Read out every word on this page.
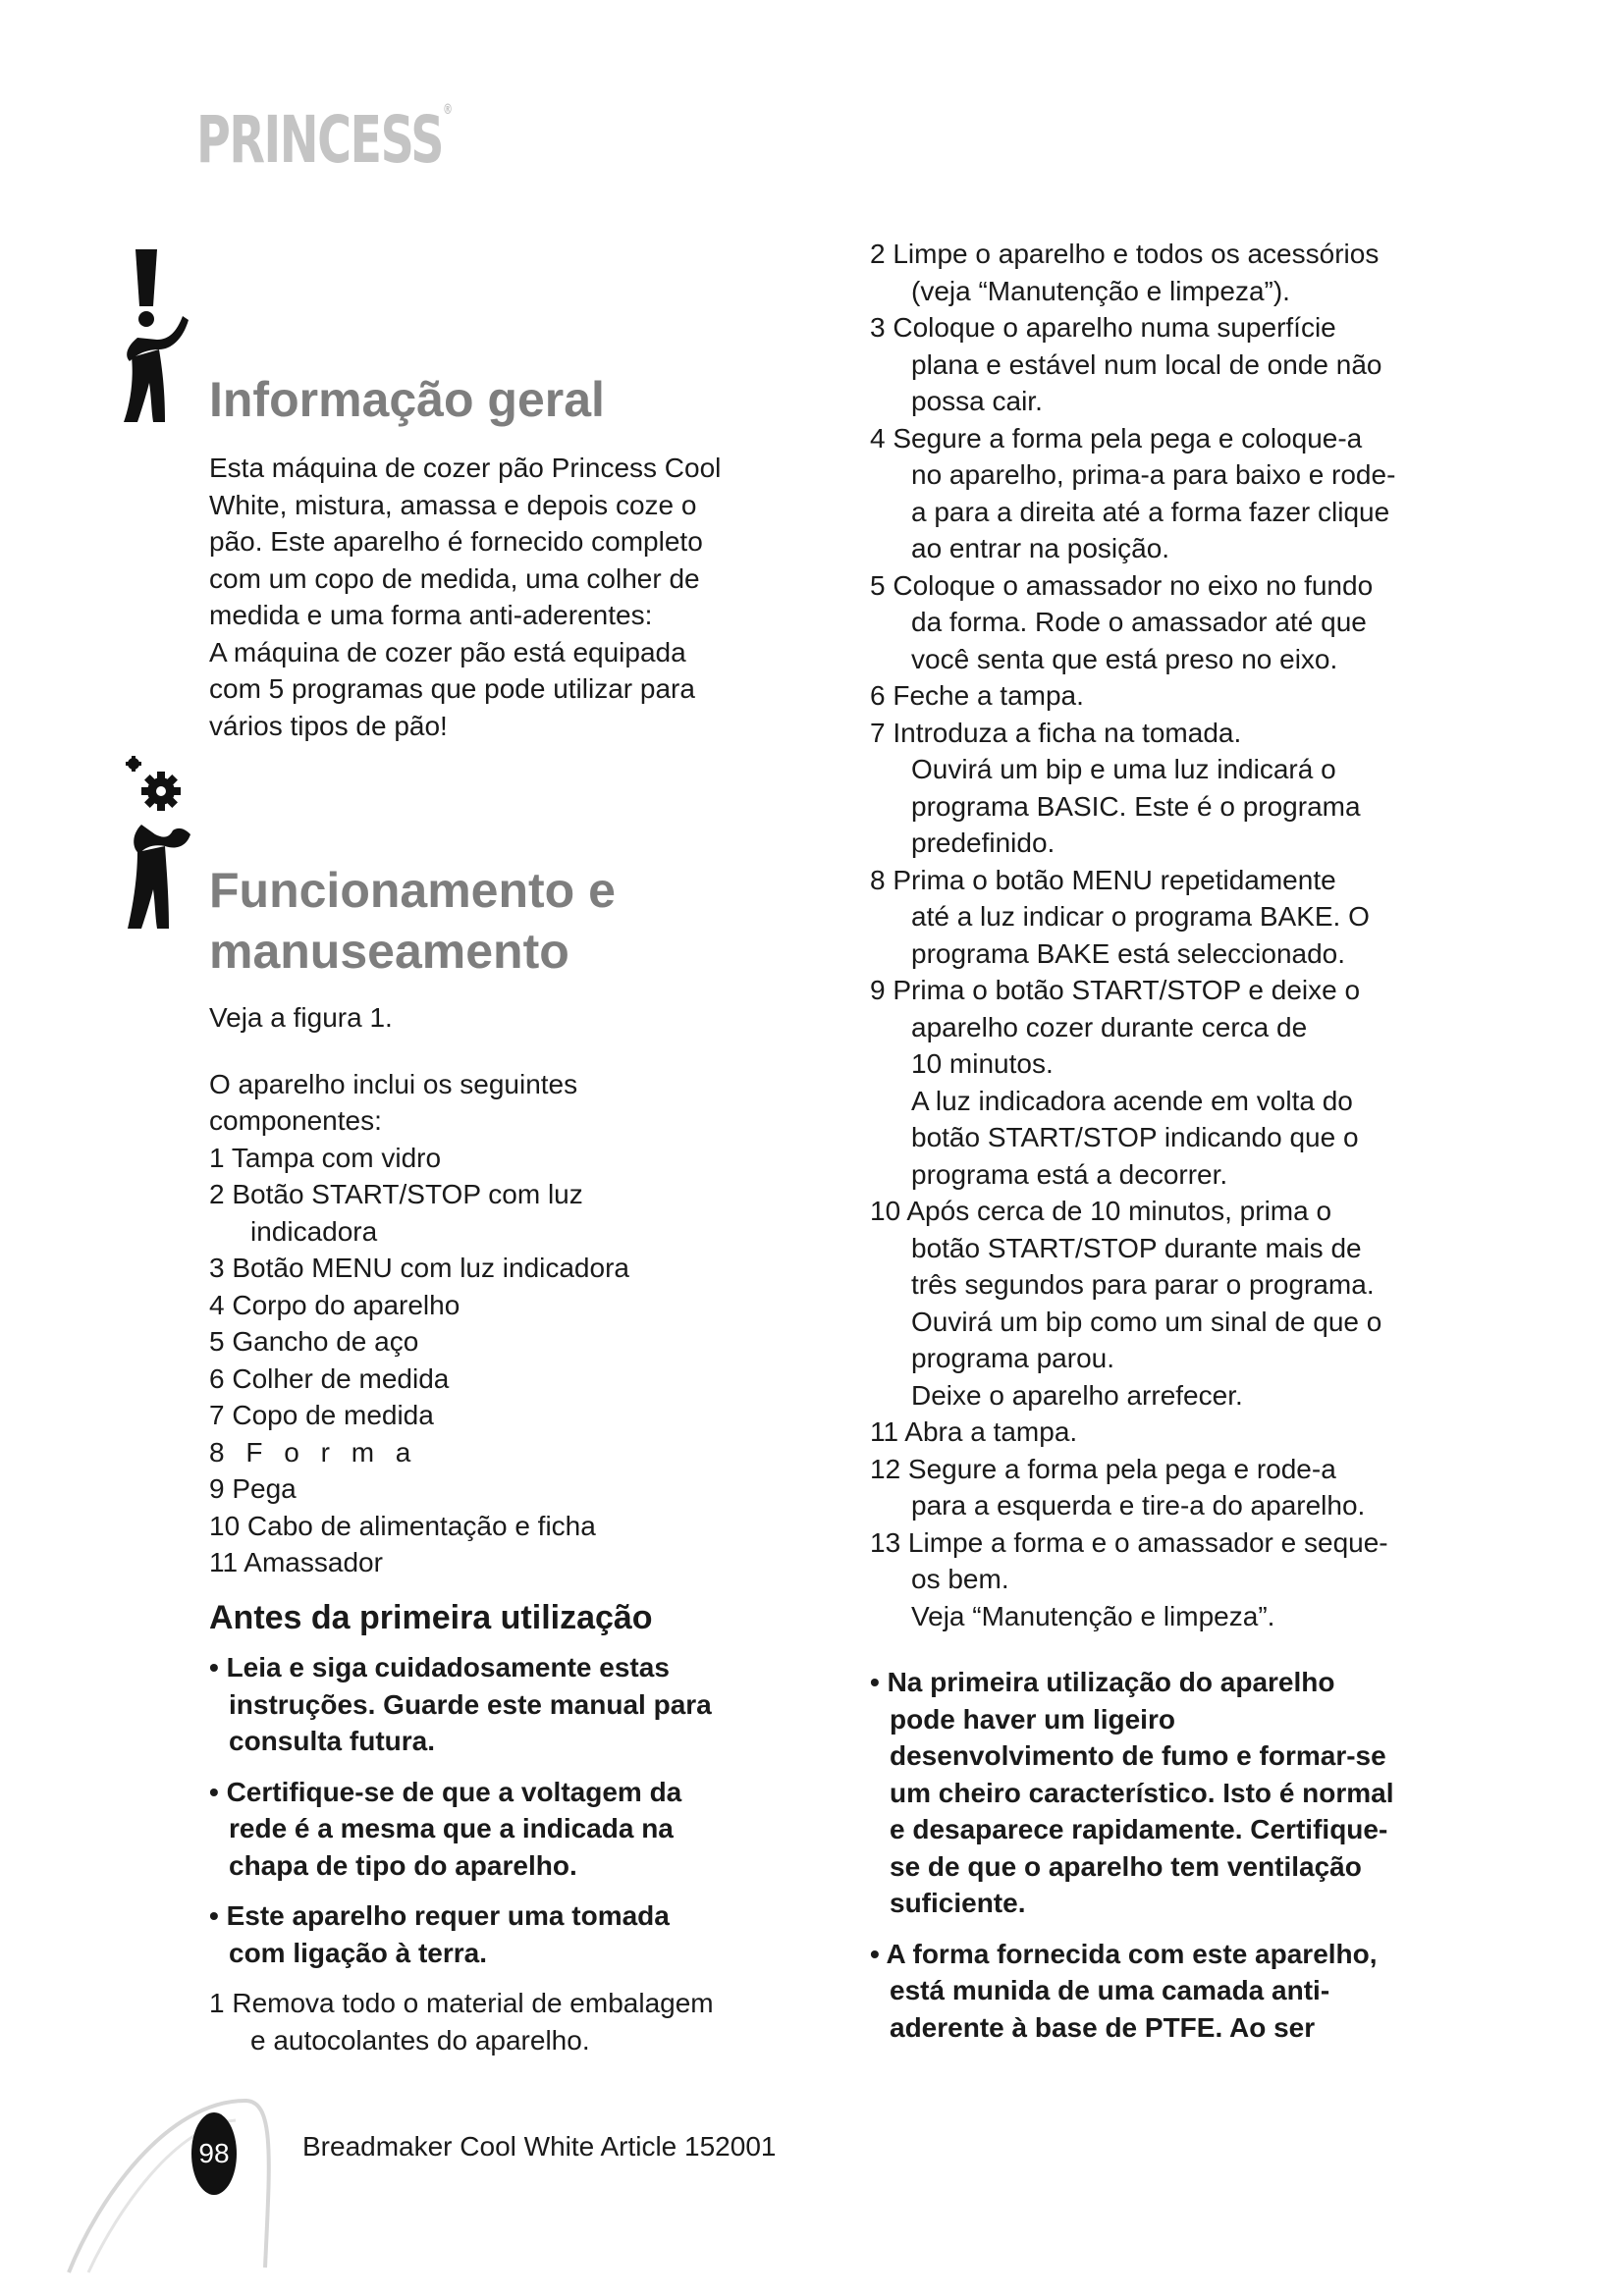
PRINCESS®
Informação geral

Esta máquina de cozer pão Princess Cool

White, mistura, amassa e depois coze o

pão. Este aparelho é fornecido completo

com um copo de medida, uma colher de

medida e uma forma anti-aderentes:

A máquina de cozer pão está equipada

com 5 programas que pode utilizar para

vários tipos de pão!

Funcionamento e
manuseamento

Veja a figura 1.

O aparelho inclui os seguintes

componentes:

1 Tampa com vidro

2 Botão START/STOP com luz

indicadora

3 Botão MENU com luz indicadora

4 Corpo do aparelho

5 Gancho de aço

6 Colher de medida

7 Copo de medida

8 F o r m a

9 Pega

10 Cabo de alimentação e ficha

11 Amassador

Antes da primeira utilização
• Leia e siga cuidadosamente estas
instruções. Guarde este manual para
consulta futura.
• Certifique-se de que a voltagem da
rede é a mesma que a indicada na
chapa de tipo do aparelho.
• Este aparelho requer uma tomada
com ligação à terra.
1 Remova todo o material de embalagem
e autocolantes do aparelho.
2 Limpe o aparelho e todos os acessórios
(veja “Manutenção e limpeza”).
3 Coloque o aparelho numa superfície
plana e estável num local de onde não
possa cair.
4 Segure a forma pela pega e coloque-a
no aparelho, prima-a para baixo e rode-
a para a direita até a forma fazer clique
ao entrar na posição.
5 Coloque o amassador no eixo no fundo
da forma. Rode o amassador até que
você senta que está preso no eixo.
6 Feche a tampa.
7 Introduza a ficha na tomada.
Ouvirá um bip e uma luz indicará o
programa BASIC. Este é o programa
predefinido.
8 Prima o botão MENU repetidamente
até a luz indicar o programa BAKE. O
programa BAKE está seleccionado.
9 Prima o botão START/STOP e deixe o
aparelho cozer durante cerca de
10 minutos.
A luz indicadora acende em volta do
botão START/STOP indicando que o
programa está a decorrer.
10 Após cerca de 10 minutos, prima o
botão START/STOP durante mais de
três segundos para parar o programa.
Ouvirá um bip como um sinal de que o
programa parou.
Deixe o aparelho arrefecer.
11 Abra a tampa.
12 Segure a forma pela pega e rode-a
para a esquerda e tire-a do aparelho.
13 Limpe a forma e o amassador e seque-
os bem.
Veja “Manutenção e limpeza”.
• Na primeira utilização do aparelho
pode haver um ligeiro
desenvolvimento de fumo e formar-se
um cheiro característico. Isto é normal
e desaparece rapidamente. Certifique-
se de que o aparelho tem ventilação
suficiente.
• A forma fornecida com este aparelho,
está munida de uma camada anti-
aderente à base de PTFE. Ao ser
98	Breadmaker Cool White Article 152001
